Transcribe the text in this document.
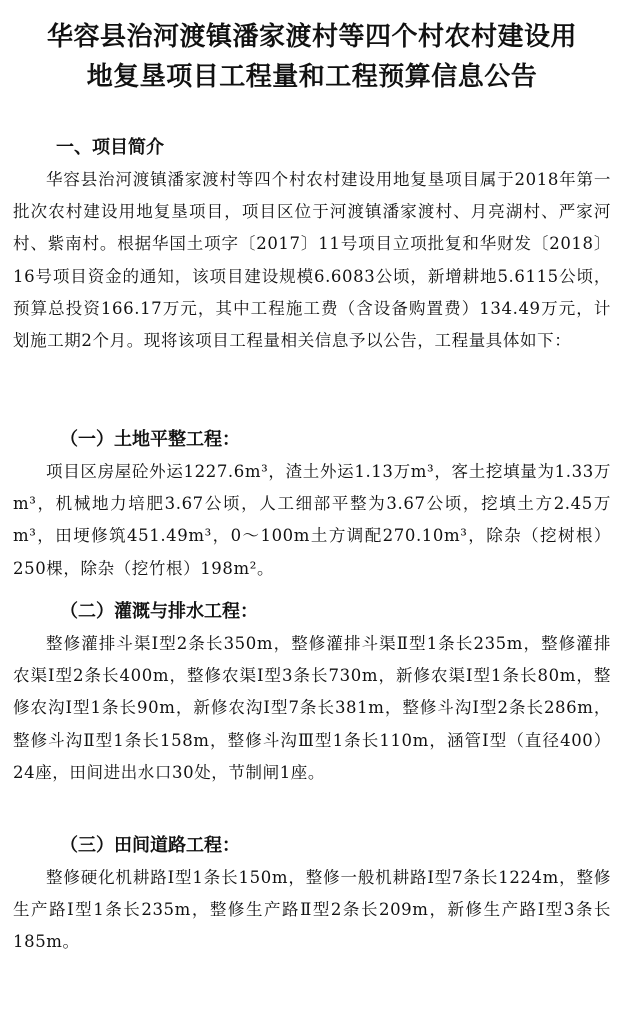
华容县治河渡镇潘家渡村等四个村农村建设用
地复垦项目工程量和工程预算信息公告
一、项目简介
华容县治河渡镇潘家渡村等四个村农村建设用地复垦项目属于2018年第一批次农村建设用地复垦项目，项目区位于河渡镇潘家渡村、月亮湖村、严家河村、紫南村。根据华国土项字〔2017〕11号项目立项批复和华财发〔2018〕16号项目资金的通知，该项目建设规模6.6083公顷，新增耕地5.6115公顷，预算总投资166.17万元，其中工程施工费（含设备购置费）134.49万元，计划施工期2个月。现将该项目工程量相关信息予以公告，工程量具体如下：
（一）土地平整工程：
项目区房屋砼外运1227.6m³，渣土外运1.13万m³，客土挖填量为1.33万m³，机械地力培肥3.67公顷，人工细部平整为3.67公顷，挖填土方2.45万m³，田埂修筑451.49m³，0～100m土方调配270.10m³，除杂（挖树根）250棵，除杂（挖竹根）198m²。
（二）灌溉与排水工程：
整修灌排斗渠Ⅰ型2条长350m，整修灌排斗渠Ⅱ型1条长235m，整修灌排农渠Ⅰ型2条长400m，整修农渠Ⅰ型3条长730m，新修农渠Ⅰ型1条长80m，整修农沟Ⅰ型1条长90m，新修农沟Ⅰ型7条长381m，整修斗沟Ⅰ型2条长286m，整修斗沟Ⅱ型1条长158m，整修斗沟Ⅲ型1条长110m，涵管Ⅰ型（直径400）24座，田间进出水口30处，节制闸1座。
（三）田间道路工程：
整修硬化机耕路Ⅰ型1条长150m，整修一般机耕路Ⅰ型7条长1224m，整修生产路Ⅰ型1条长235m，整修生产路Ⅱ型2条长209m，新修生产路Ⅰ型3条长185m。
